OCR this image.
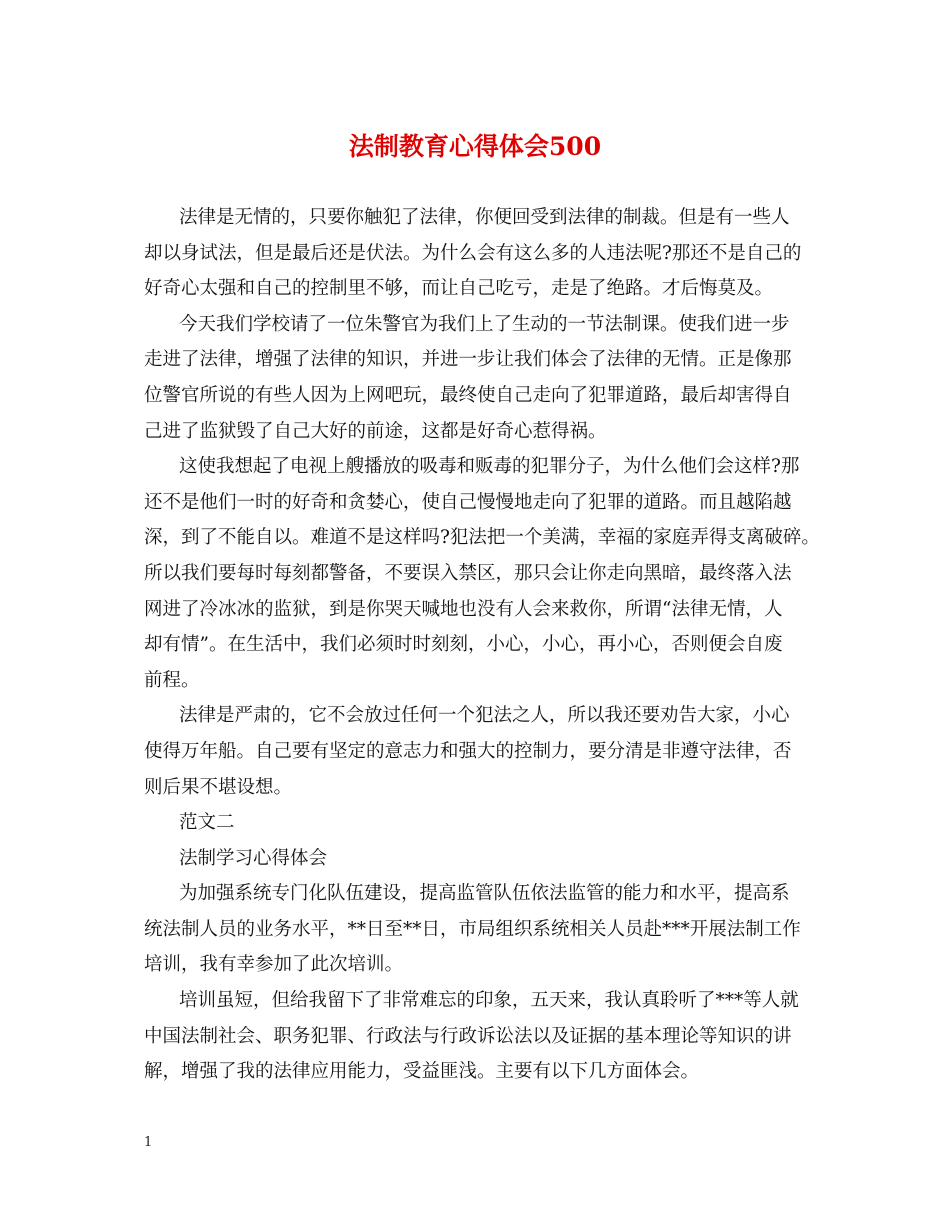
法制教育心得体会500
法律是无情的，只要你触犯了法律，你便回受到法律的制裁。但是有一些人
却以身试法，但是最后还是伏法。为什么会有这么多的人违法呢?那还不是自己的
好奇心太强和自己的控制里不够，而让自己吃亏，走是了绝路。才后悔莫及。
今天我们学校请了一位朱警官为我们上了生动的一节法制课。使我们进一步
走进了法律，增强了法律的知识，并进一步让我们体会了法律的无情。正是像那
位警官所说的有些人因为上网吧玩，最终使自己走向了犯罪道路，最后却害得自
己进了监狱毁了自己大好的前途，这都是好奇心惹得祸。
这使我想起了电视上艘播放的吸毒和贩毒的犯罪分子，为什么他们会这样?那
还不是他们一时的好奇和贪婪心，使自己慢慢地走向了犯罪的道路。而且越陷越
深，到了不能自以。难道不是这样吗?犯法把一个美满，幸福的家庭弄得支离破碎。
所以我们要每时每刻都警备，不要误入禁区，那只会让你走向黑暗，最终落入法
网进了冷冰冰的监狱，到是你哭天喊地也没有人会来救你，所谓“法律无情，人
却有情”。在生活中，我们必须时时刻刻，小心，小心，再小心，否则便会自废
前程。
法律是严肃的，它不会放过任何一个犯法之人，所以我还要劝告大家，小心
使得万年船。自己要有坚定的意志力和强大的控制力，要分清是非遵守法律，否
则后果不堪设想。
范文二
法制学习心得体会
为加强系统专门化队伍建设，提高监管队伍依法监管的能力和水平，提高系
统法制人员的业务水平，**日至**日，市局组织系统相关人员赴***开展法制工作
培训，我有幸参加了此次培训。
培训虽短，但给我留下了非常难忘的印象，五天来，我认真聆听了***等人就
中国法制社会、职务犯罪、行政法与行政诉讼法以及证据的基本理论等知识的讲
解，增强了我的法律应用能力，受益匪浅。主要有以下几方面体会。
1
